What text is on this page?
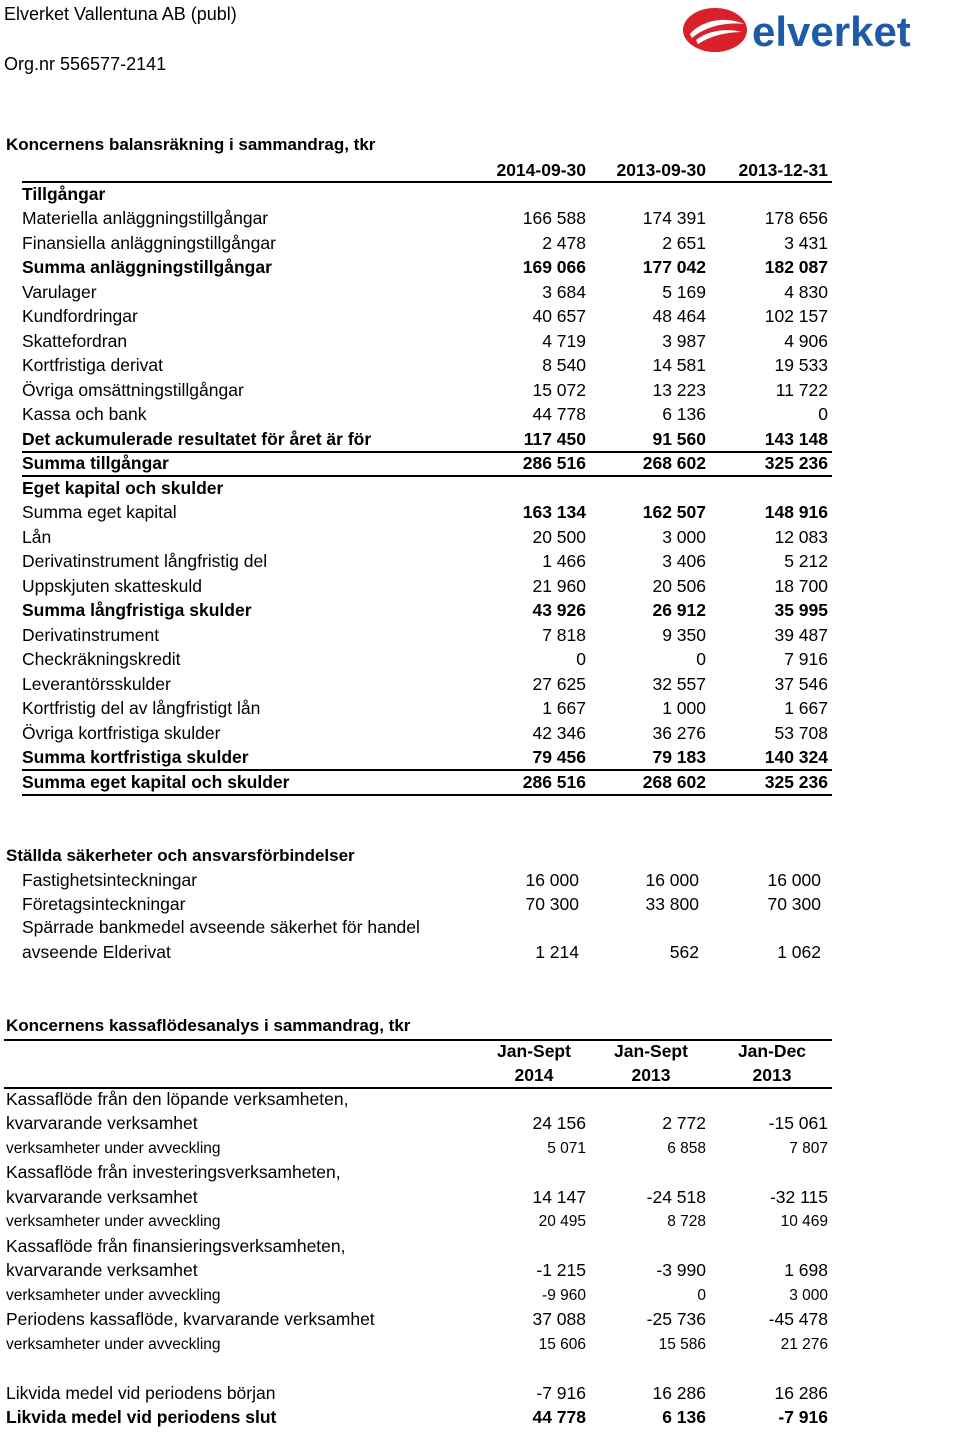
Elverket Vallentuna AB (publ)
Org.nr 556577-2141
elverket
Koncernens balansräkning i sammandrag, tkr
2014-09-30 2013-09-30 2013-12-31
Tillgångar
Materiella anläggningstillgångar	166 588	174 391	178 656
Finansiella anläggningstillgångar	2 478	2 651	3 431
Summa anläggningstillgångar	169 066	177 042	182 087
Varulager	3 684	5 169	4 830
Kundfordringar	40 657	48 464	102 157
Skattefordran	4 719	3 987	4 906
Kortfristiga derivat	8 540	14 581	19 533
Övriga omsättningstillgångar	15 072	13 223	11 722
Kassa och bank	44 778	6 136	0
Det ackumulerade resultatet för året är för	117 450	91 560	143 148
Summa tillgångar	286 516	268 602	325 236
Eget kapital och skulder
Summa eget kapital	163 134	162 507	148 916
Lån	20 500	3 000	12 083
Derivatinstrument långfristig del	1 466	3 406	5 212
Uppskjuten skatteskuld	21 960	20 506	18 700
Summa långfristiga skulder	43 926	26 912	35 995
Derivatinstrument	7 818	9 350	39 487
Checkräkningskredit	0	0	7 916
Leverantörsskulder	27 625	32 557	37 546
Kortfristig del av långfristigt lån	1 667	1 000	1 667
Övriga kortfristiga skulder	42 346	36 276	53 708
Summa kortfristiga skulder	79 456	79 183	140 324
Summa eget kapital och skulder	286 516	268 602	325 236
Ställda säkerheter och ansvarsförbindelser
Fastighetsinteckningar	16 000	16 000	16 000
Företagsinteckningar	70 300	33 800	70 300
Spärrade bankmedel avseende säkerhet för handel
avseende Elderivat	1 214	562	1 062
Koncernens kassaflödesanalys i sammandrag, tkr
Jan-Sept	Jan-Sept	Jan-Dec
2014	2013	2013
Kassaflöde från den löpande verksamheten,
kvarvarande verksamhet	24 156	2 772	-15 061
verksamheter under avveckling	5 071	6 858	7 807
Kassaflöde från investeringsverksamheten,
kvarvarande verksamhet	14 147	-24 518	-32 115
verksamheter under avveckling	20 495	8 728	10 469
Kassaflöde från finansieringsverksamheten,
kvarvarande verksamhet	-1 215	-3 990	1 698
verksamheter under avveckling	-9 960	0	3 000
Periodens kassaflöde, kvarvarande verksamhet	37 088	-25 736	-45 478
verksamheter under avveckling	15 606	15 586	21 276
Likvida medel vid periodens början	-7 916	16 286	16 286
Likvida medel vid periodens slut	44 778	6 136	-7 916
